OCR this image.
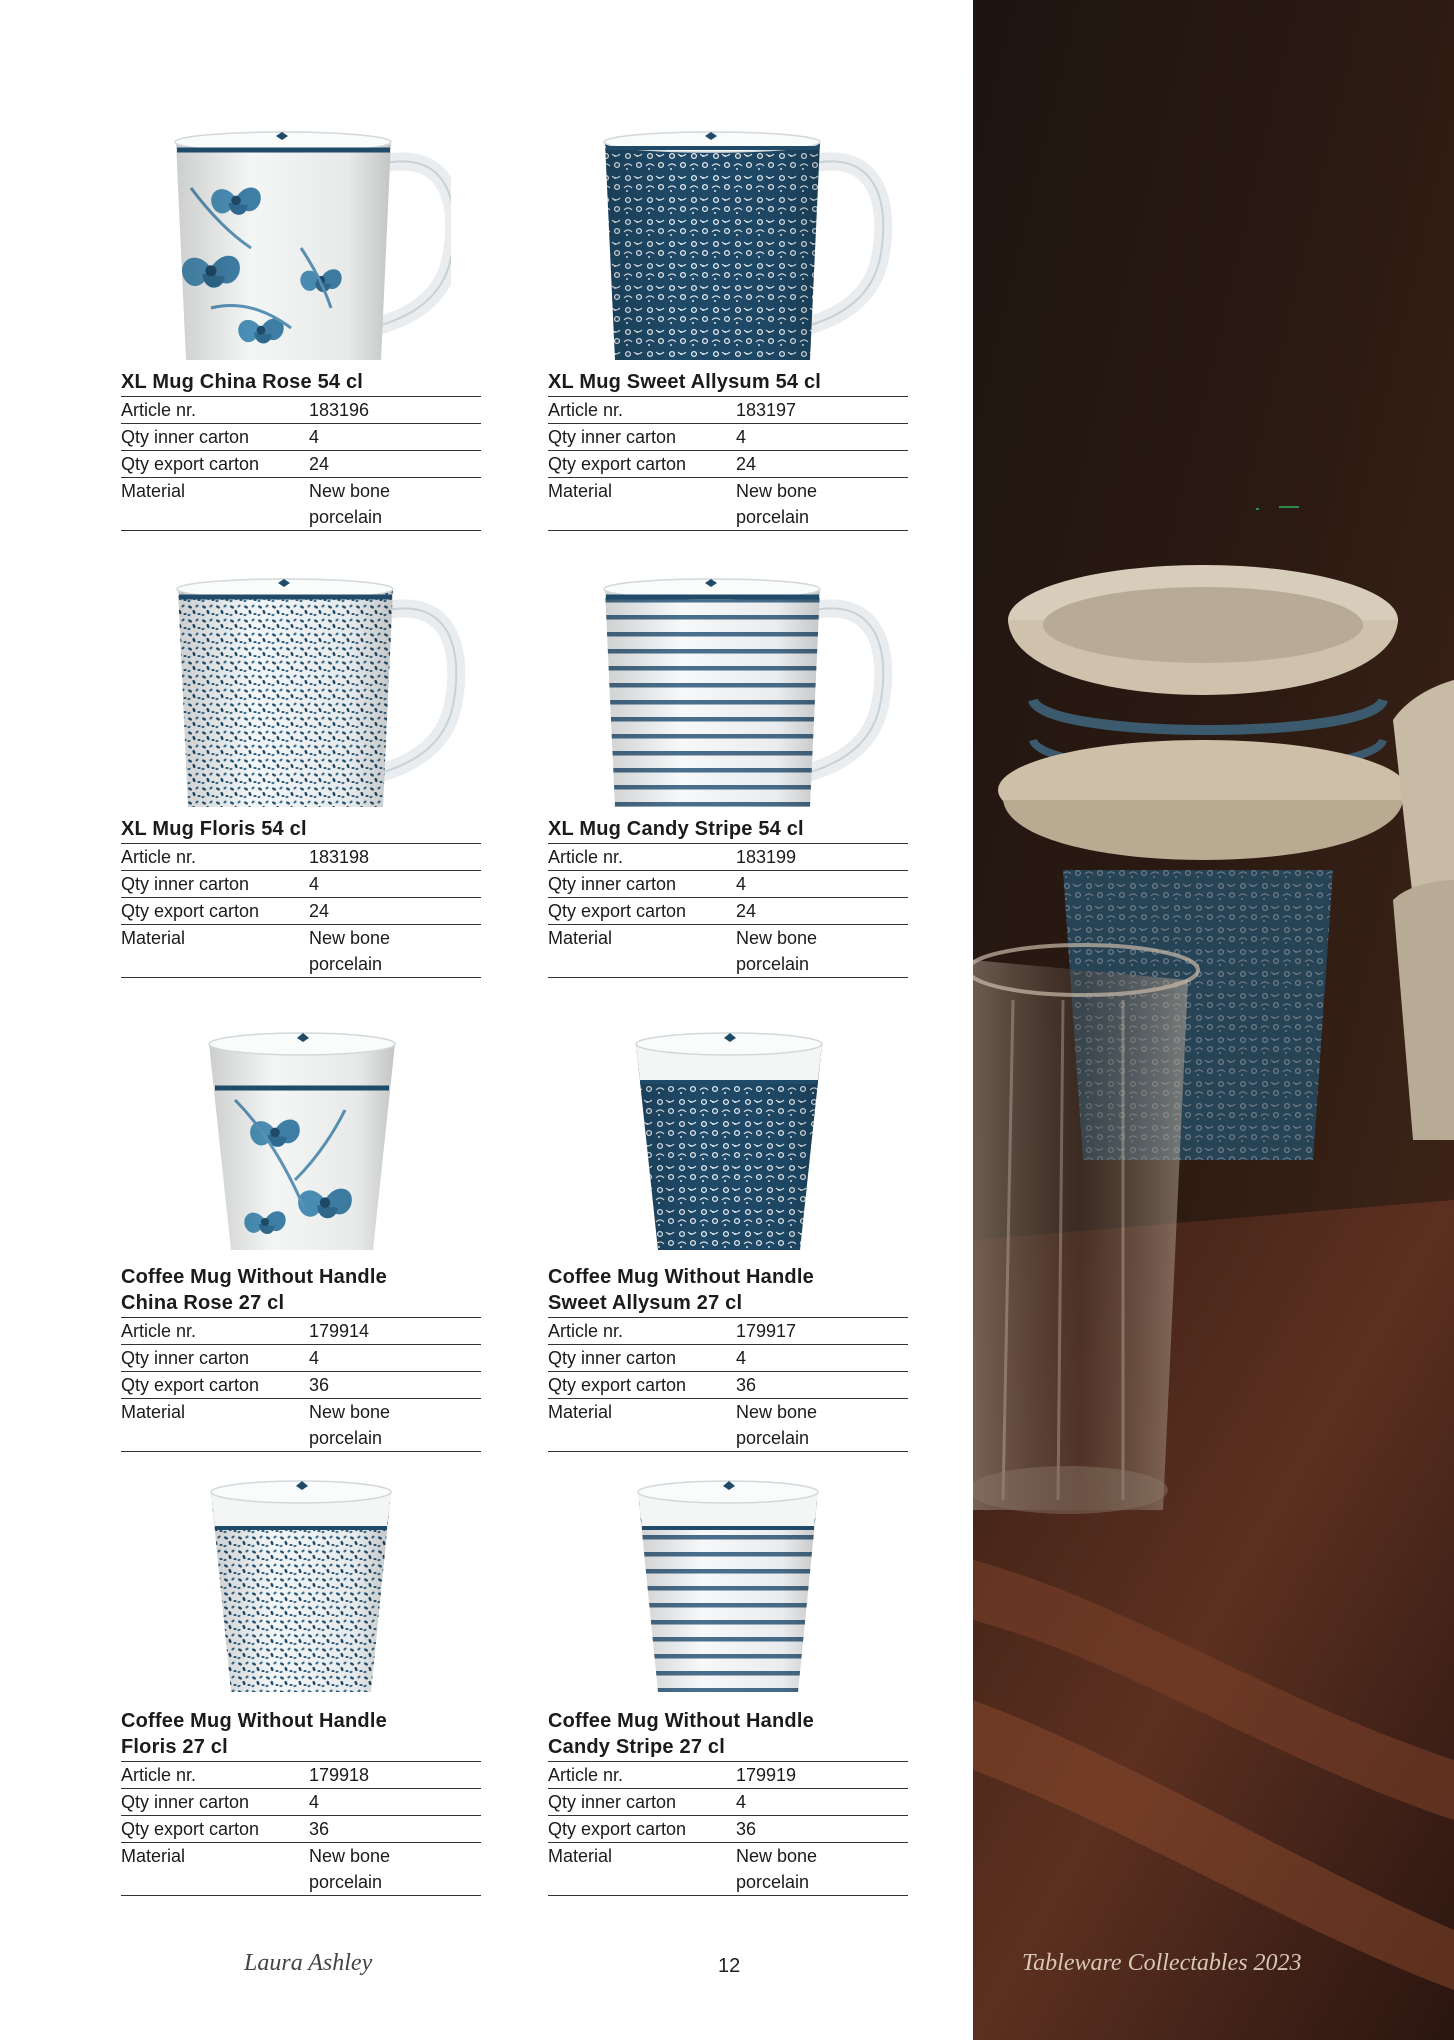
XL Mug China Rose 54 cl
Article nr.	183196
Qty inner carton	4
Qty export carton	24
Material	New bone
porcelain
XL Mug Sweet Allysum 54 cl
Article nr.	183197
Qty inner carton	4
Qty export carton	24
Material	New bone
porcelain
XL Mug Floris 54 cl
Article nr.	183198
Qty inner carton	4
Qty export carton	24
Material	New bone
porcelain
XL Mug Candy Stripe 54 cl
Article nr.	183199
Qty inner carton	4
Qty export carton	24
Material	New bone
porcelain
Coffee Mug Without Handle
China Rose 27 cl
Article nr.	179914
Qty inner carton	4
Qty export carton	36
Material	New bone
porcelain
Coffee Mug Without Handle
Sweet Allysum 27 cl
Article nr.	179917
Qty inner carton	4
Qty export carton	36
Material	New bone
porcelain
Coffee Mug Without Handle
Floris 27 cl
Article nr.	179918
Qty inner carton	4
Qty export carton	36
Material	New bone
porcelain
Coffee Mug Without Handle
Candy Stripe 27 cl
Article nr.	179919
Qty inner carton	4
Qty export carton	36
Material	New bone
porcelain
Laura Ashley	12	Tableware Collectables 2023
